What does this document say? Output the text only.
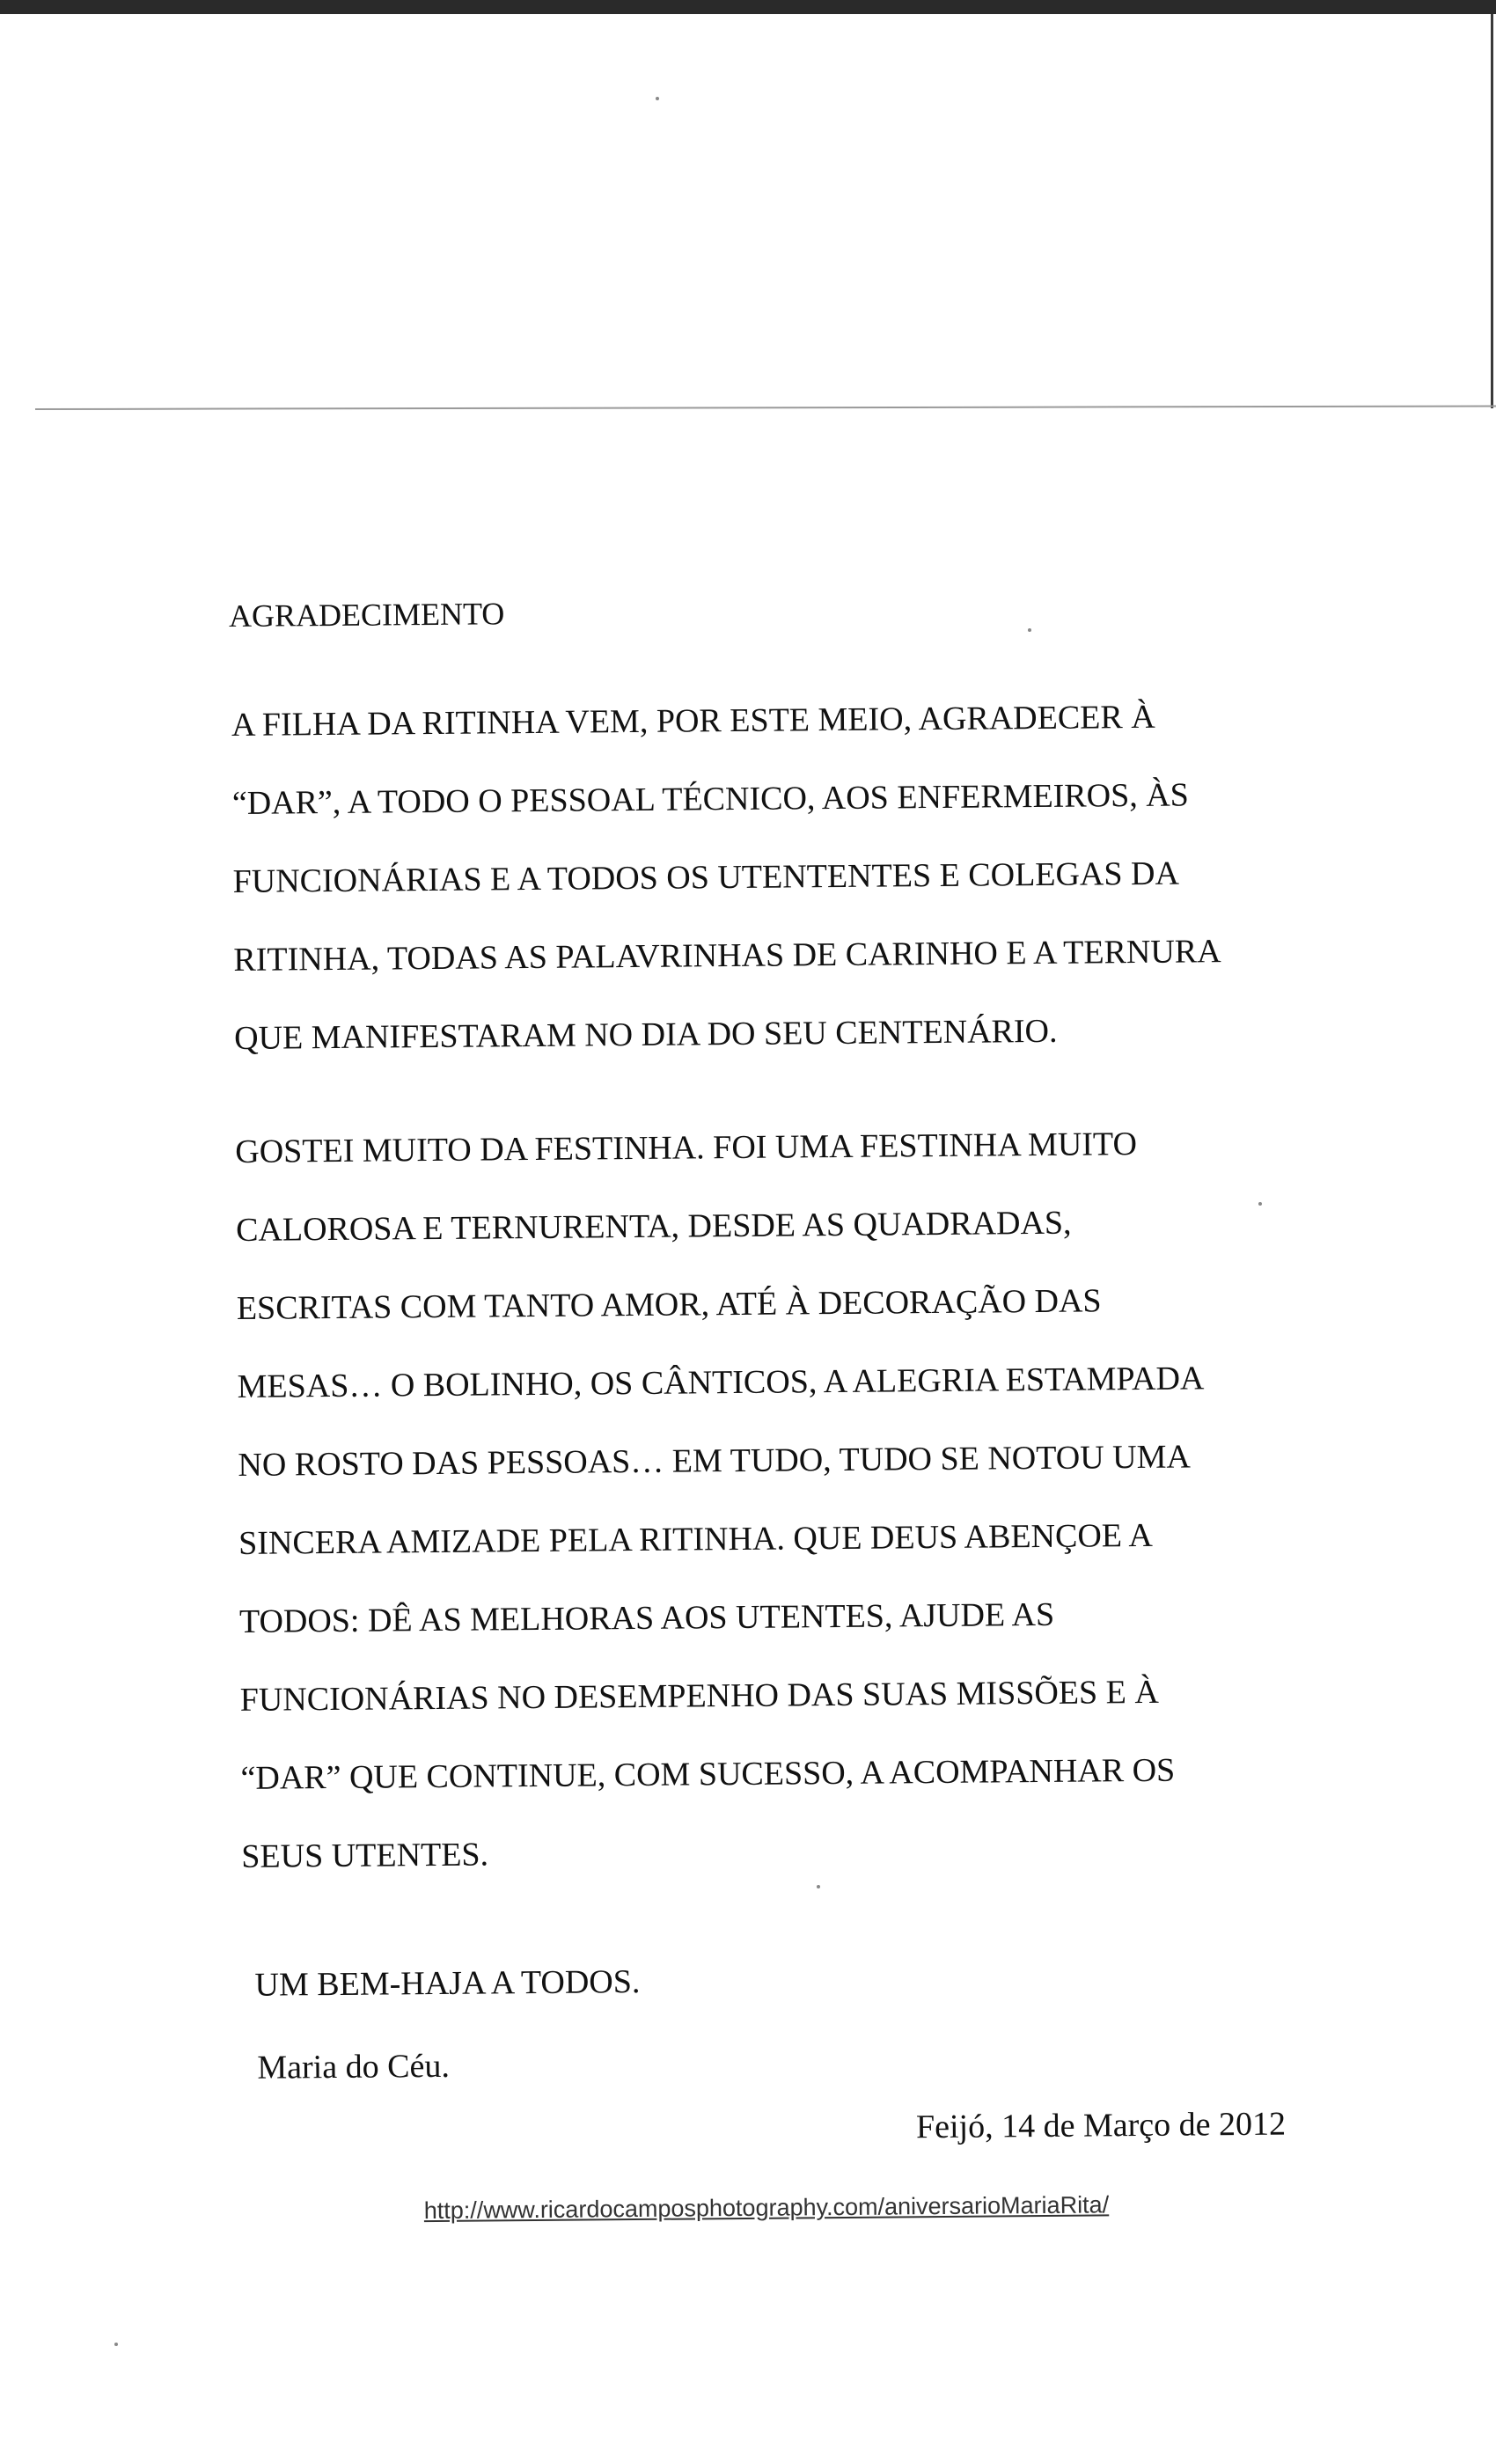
AGRADECIMENTO
A FILHA DA RITINHA VEM, POR ESTE MEIO, AGRADECER À
“DAR”, A TODO O PESSOAL TÉCNICO, AOS ENFERMEIROS, ÀS
FUNCIONÁRIAS E A TODOS OS UTENTENTES E COLEGAS DA
RITINHA, TODAS AS PALAVRINHAS DE CARINHO E A TERNURA
QUE MANIFESTARAM NO DIA DO SEU CENTENÁRIO.
GOSTEI MUITO DA FESTINHA. FOI UMA FESTINHA MUITO
CALOROSA E TERNURENTA, DESDE AS QUADRADAS,
ESCRITAS COM TANTO AMOR, ATÉ À DECORAÇÃO DAS
MESAS… O BOLINHO, OS CÂNTICOS, A ALEGRIA ESTAMPADA
NO ROSTO DAS PESSOAS… EM TUDO, TUDO SE NOTOU UMA
SINCERA AMIZADE PELA RITINHA. QUE DEUS ABENÇOE A
TODOS: DÊ AS MELHORAS AOS UTENTES, AJUDE AS
FUNCIONÁRIAS NO DESEMPENHO DAS SUAS MISSÕES E À
“DAR” QUE CONTINUE, COM SUCESSO, A ACOMPANHAR OS
SEUS UTENTES.
UM BEM-HAJA A TODOS.
Maria do Céu.
Feijó, 14 de Março de 2012
http://www.ricardocamposphotography.com/aniversarioMariaRita/
